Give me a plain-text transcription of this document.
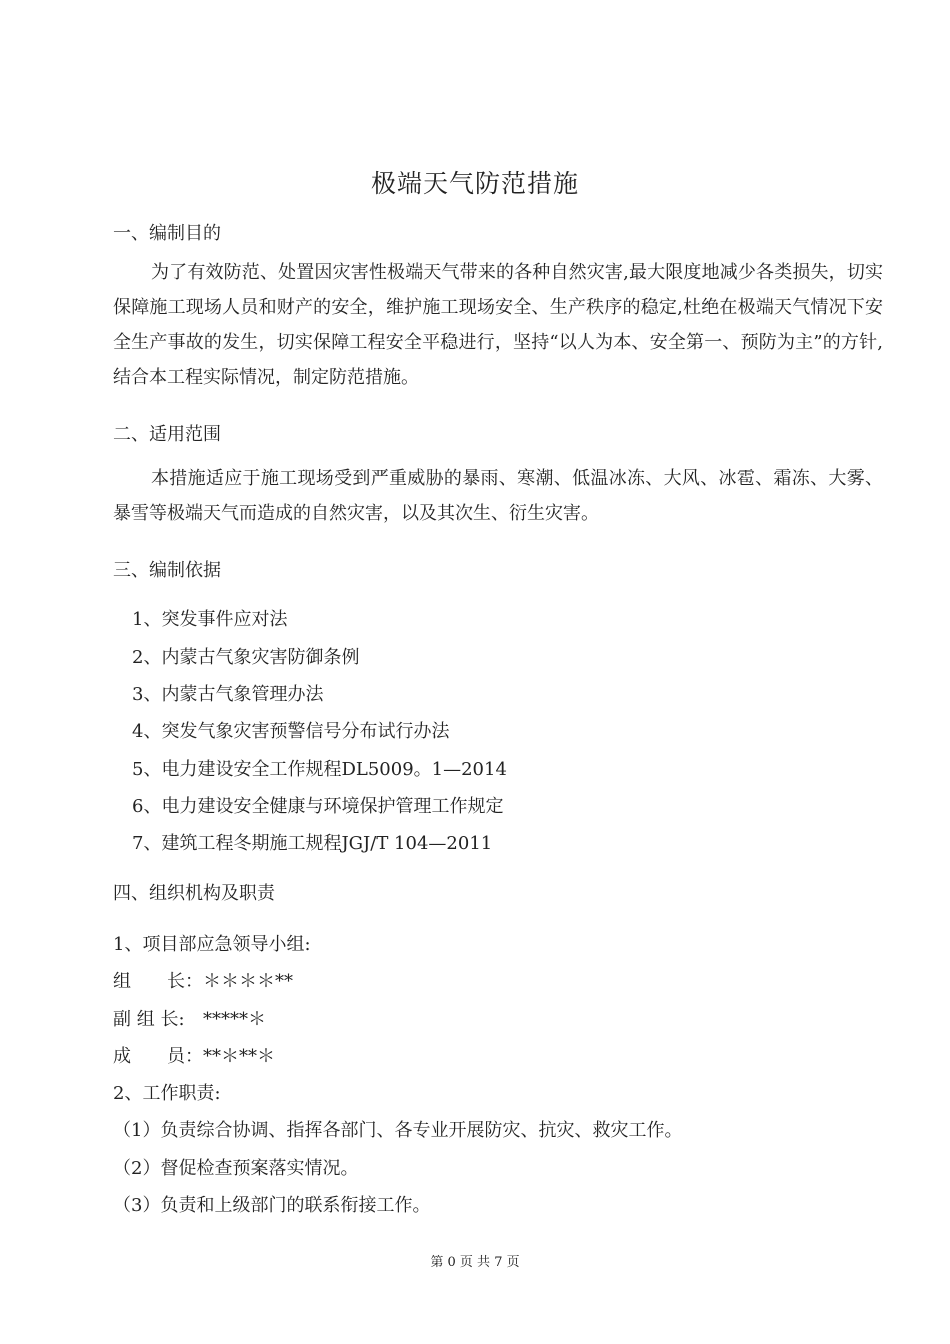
极端天气防范措施
一、编制目的
为了有效防范、处置因灾害性极端天气带来的各种自然灾害,最大限度地减少各类损失，切实保障施工现场人员和财产的安全，维护施工现场安全、生产秩序的稳定,杜绝在极端天气情况下安全生产事故的发生，切实保障工程安全平稳进行，坚持“以人为本、安全第一、预防为主”的方针,结合本工程实际情况，制定防范措施。
二、适用范围
本措施适应于施工现场受到严重威胁的暴雨、寒潮、低温冰冻、大风、冰雹、霜冻、大雾、暴雪等极端天气而造成的自然灾害，以及其次生、衍生灾害。
三、编制依据
1、突发事件应对法
2、内蒙古气象灾害防御条例
3、内蒙古气象管理办法
4、突发气象灾害预警信号分布试行办法
5、电力建设安全工作规程DL5009。1—2014
6、电力建设安全健康与环境保护管理工作规定
7、建筑工程冬期施工规程JGJ/T 104—2011
四、组织机构及职责
1、项目部应急领导小组:
组　　长：＊＊＊＊**
副 组 长: *****＊
成　　员：**＊**＊
2、工作职责:
（1）负责综合协调、指挥各部门、各专业开展防灾、抗灾、救灾工作。
（2）督促检查预案落实情况。
（3）负责和上级部门的联系衔接工作。
第 0 页 共 7 页
